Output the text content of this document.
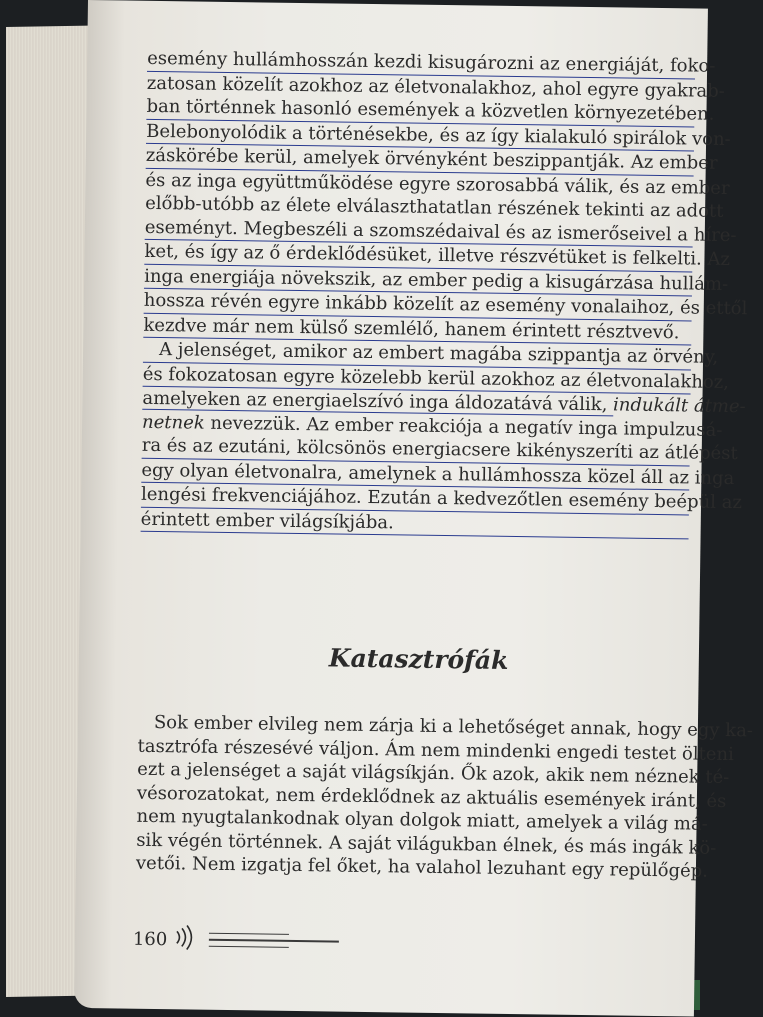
esemény hullámhosszán kezdi kisugározni az energiáját, foko-
zatosan közelít azokhoz az életvonalakhoz, ahol egyre gyakrab-
ban történnek hasonló események a közvetlen környezetében.
Belebonyolódik a történésekbe, és az így kialakuló spirálok von-
záskörébe kerül, amelyek örvényként beszippantják. Az ember
és az inga együttműködése egyre szorosabbá válik, és az ember
előbb-utóbb az élete elválaszthatatlan részének tekinti az adott
eseményt. Megbeszéli a szomszédaival és az ismerőseivel a híre-
ket, és így az ő érdeklődésüket, illetve részvétüket is felkelti. Az
inga energiája növekszik, az ember pedig a kisugárzása hullám-
hossza révén egyre inkább közelít az esemény vonalaihoz, és ettől
kezdve már nem külső szemlélő, hanem érintett résztvevő.
A jelenséget, amikor az embert magába szippantja az örvény,
és fokozatosan egyre közelebb kerül azokhoz az életvonalakhoz,
amelyeken az energiaelszívó inga áldozatává válik, indukált átme-
netnek nevezzük. Az ember reakciója a negatív inga impulzusá-
ra és az ezutáni, kölcsönös energiacsere kikényszeríti az átlépést
egy olyan életvonalra, amelynek a hullámhossza közel áll az inga
lengési frekvenciájához. Ezután a kedvezőtlen esemény beépül az
érintett ember világsíkjába.
Katasztrófák
Sok ember elvileg nem zárja ki a lehetőséget annak, hogy egy ka-
tasztrófa részesévé váljon. Ám nem mindenki engedi testet ölteni
ezt a jelenséget a saját világsíkján. Ők azok, akik nem néznek té-
vésorozatokat, nem érdeklődnek az aktuális események iránt, és
nem nyugtalankodnak olyan dolgok miatt, amelyek a világ má-
sik végén történnek. A saját világukban élnek, és más ingák kö-
vetői. Nem izgatja fel őket, ha valahol lezuhant egy repülőgép.
160
